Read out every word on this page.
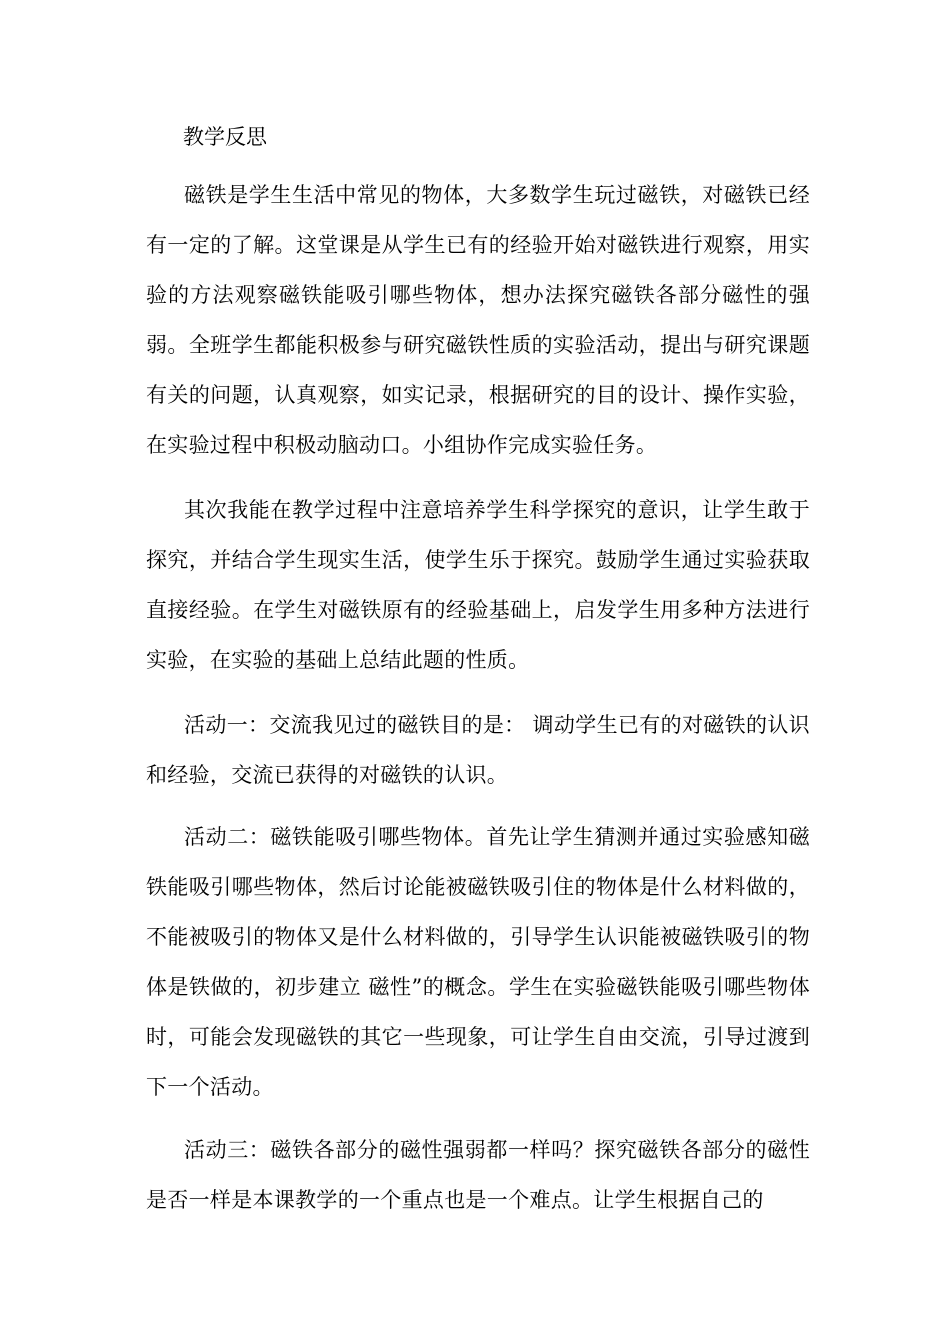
教学反思

磁铁是学生生活中常见的物体，大多数学生玩过磁铁，对磁铁已经有一定的了解。这堂课是从学生已有的经验开始对磁铁进行观察，用实验的方法观察磁铁能吸引哪些物体，想办法探究磁铁各部分磁性的强弱。全班学生都能积极参与研究磁铁性质的实验活动，提出与研究课题有关的问题，认真观察，如实记录，根据研究的目的设计、操作实验，在实验过程中积极动脑动口。小组协作完成实验任务。

其次我能在教学过程中注意培养学生科学探究的意识，让学生敢于探究，并结合学生现实生活，使学生乐于探究。鼓励学生通过实验获取直接经验。在学生对磁铁原有的经验基础上，启发学生用多种方法进行实验，在实验的基础上总结此题的性质。

活动一：交流我见过的磁铁目的是： 调动学生已有的对磁铁的认识和经验，交流已获得的对磁铁的认识。

活动二：磁铁能吸引哪些物体。首先让学生猜测并通过实验感知磁铁能吸引哪些物体，然后讨论能被磁铁吸引住的物体是什么材料做的，不能被吸引的物体又是什么材料做的，引导学生认识能被磁铁吸引的物体是铁做的，初步建立 磁性”的概念。学生在实验磁铁能吸引哪些物体时，可能会发现磁铁的其它一些现象，可让学生自由交流，引导过渡到下一个活动。

活动三：磁铁各部分的磁性强弱都一样吗？探究磁铁各部分的磁性是否一样是本课教学的一个重点也是一个难点。让学生根据自己的
